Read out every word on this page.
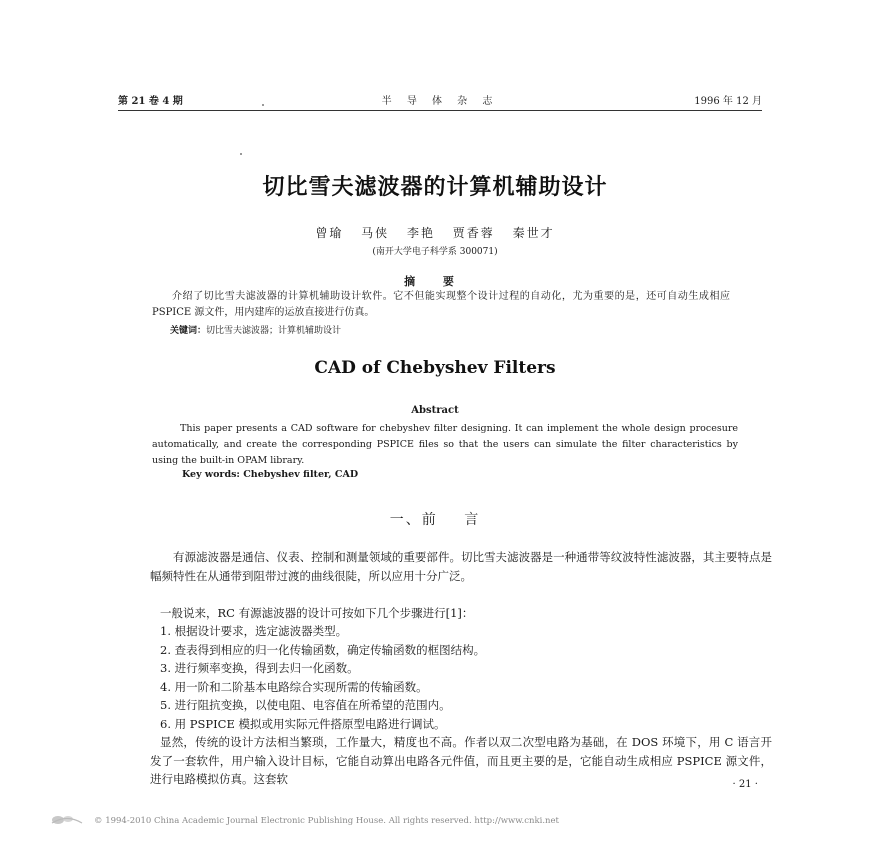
第 21 卷 4 期	半 导 体 杂 志	1996 年 12 月
切比雪夫滤波器的计算机辅助设计
曾瑜 马侠 李艳 贾香蓉 秦世才
(南开大学电子科学系 300071)
摘 要
介绍了切比雪夫滤波器的计算机辅助设计软件。它不但能实现整个设计过程的自动化，尤为重要的是，还可自动生成相应 PSPICE 源文件，用内建库的运放直接进行仿真。
关键词：切比雪夫滤波器；计算机辅助设计
CAD of Chebyshev Filters
Abstract
This paper presents a CAD software for chebyshev filter designing. It can implement the whole design procesure automatically, and create the corresponding PSPICE files so that the users can simulate the filter characteristics by using the built-in OPAM library.
Key words: Chebyshev filter, CAD
一、前 言
有源滤波器是通信、仪表、控制和测量领域的重要部件。切比雪夫滤波器是一种通带等纹波特性滤波器，其主要特点是幅频特性在从通带到阻带过渡的曲线很陡，所以应用十分广泛。
一般说来，RC 有源滤波器的设计可按如下几个步骤进行[1]：
1. 根据设计要求，选定滤波器类型。
2. 查表得到相应的归一化传输函数，确定传输函数的框图结构。
3. 进行频率变换，得到去归一化函数。
4. 用一阶和二阶基本电路综合实现所需的传输函数。
5. 进行阻抗变换，以使电阻、电容值在所希望的范围内。
6. 用 PSPICE 模拟或用实际元件搭原型电路进行调试。
显然，传统的设计方法相当繁琐，工作量大，精度也不高。作者以双二次型电路为基础，在 DOS 环境下，用 C 语言开发了一套软件，用户输入设计目标，它能自动算出电路各元件值，而且更主要的是，它能自动生成相应 PSPICE 源文件，进行电路模拟仿真。这套软	· 21 ·
© 1994-2010 China Academic Journal Electronic Publishing House. All rights reserved. http://www.cnki.net
